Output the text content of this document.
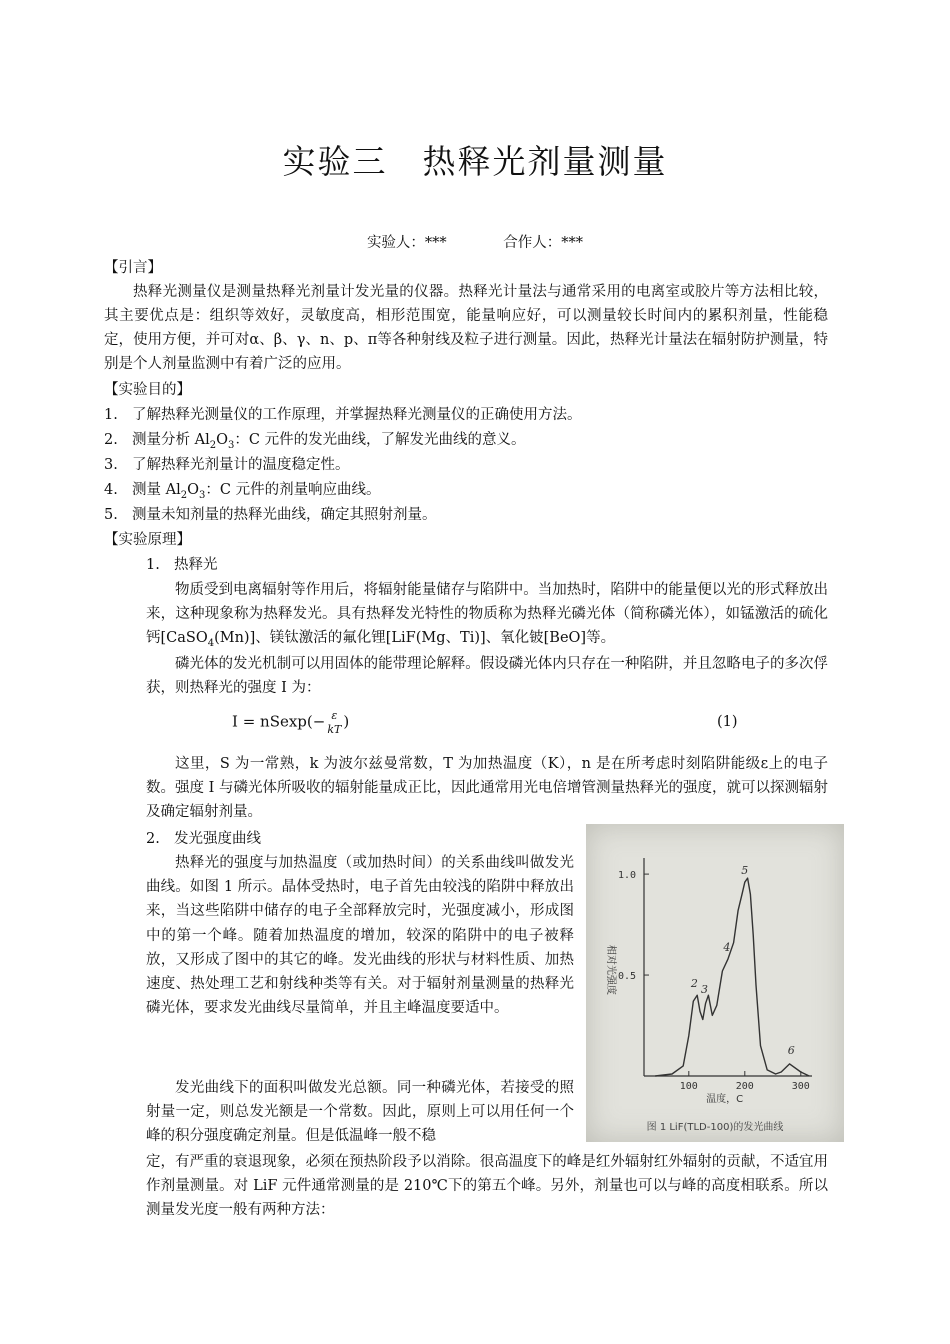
实验三　热释光剂量测量
实验人：***	合作人：***
【引言】
热释光测量仪是测量热释光剂量计发光量的仪器。热释光计量法与通常采用的电离室或胶片等方法相比较，其主要优点是：组织等效好，灵敏度高，相形范围宽，能量响应好，可以测量较长时间内的累积剂量，性能稳定，使用方便，并可对α、β、γ、n、p、π等各种射线及粒子进行测量。因此，热释光计量法在辐射防护测量，特别是个人剂量监测中有着广泛的应用。
【实验目的】
1. 了解热释光测量仪的工作原理，并掌握热释光测量仪的正确使用方法。
2. 测量分析 $Al_2O_3$：C 元件的发光曲线，了解发光曲线的意义。
3. 了解热释光剂量计的温度稳定性。
4. 测量 $Al_2O_3$：C 元件的剂量响应曲线。
5. 测量未知剂量的热释光曲线，确定其照射剂量。
【实验原理】
1. 热释光
物质受到电离辐射等作用后，将辐射能量储存与陷阱中。当加热时，陷阱中的能量便以光的形式释放出来，这种现象称为热释发光。具有热释发光特性的物质称为热释光磷光体（简称磷光体），如锰激活的硫化钙[CaSO$_4$(Mn)]、镁钛激活的氟化锂[LiF(Mg、Ti)]、氧化铍[BeO]等。
磷光体的发光机制可以用固体的能带理论解释。假设磷光体内只存在一种陷阱，并且忽略电子的多次俘获，则热释光的强度 I 为：
I = nSexp(− ε
kT )	(1)
这里，S 为一常熟，k 为波尔兹曼常数，T 为加热温度（K），n 是在所考虑时刻陷阱能级ε上的电子数。强度 I 与磷光体所吸收的辐射能量成正比，因此通常用光电倍增管测量热释光的强度，就可以探测辐射及确定辐射剂量。
2. 发光强度曲线
热释光的强度与加热温度（或加热时间）的关系曲线叫做发光曲线。如图 1 所示。晶体受热时，电子首先由较浅的陷阱中释放出来，当这些陷阱中储存的电子全部释放完时，光强度减小，形成图中的第一个峰。随着加热温度的增加，较深的陷阱中的电子被释放，又形成了图中的其它的峰。发光曲线的形状与材料性质、加热速度、热处理工艺和射线种类等有关。对于辐射剂量测量的热释光磷光体，要求发光曲线尽量简单，并且主峰温度要适中。
发光曲线下的面积叫做发光总额。同一种磷光体，若接受的照射量一定，则总发光额是一个常数。因此，原则上可以用任何一个峰的积分强度确定剂量。但是低温峰一般不稳
定，有严重的衰退现象，必须在预热阶段予以消除。很高温度下的峰是红外辐射红外辐射的贡献，不适宜用作剂量测量。对 LiF 元件通常测量的是 210℃下的第五个峰。另外，剂量也可以与峰的高度相联系。所以测量发光度一般有两种方法：
0.5
1.0
100	200	300
相对光强度
温度，C
2 3
4
5
6
图 1 LiF(TLD-100)的发光曲线
